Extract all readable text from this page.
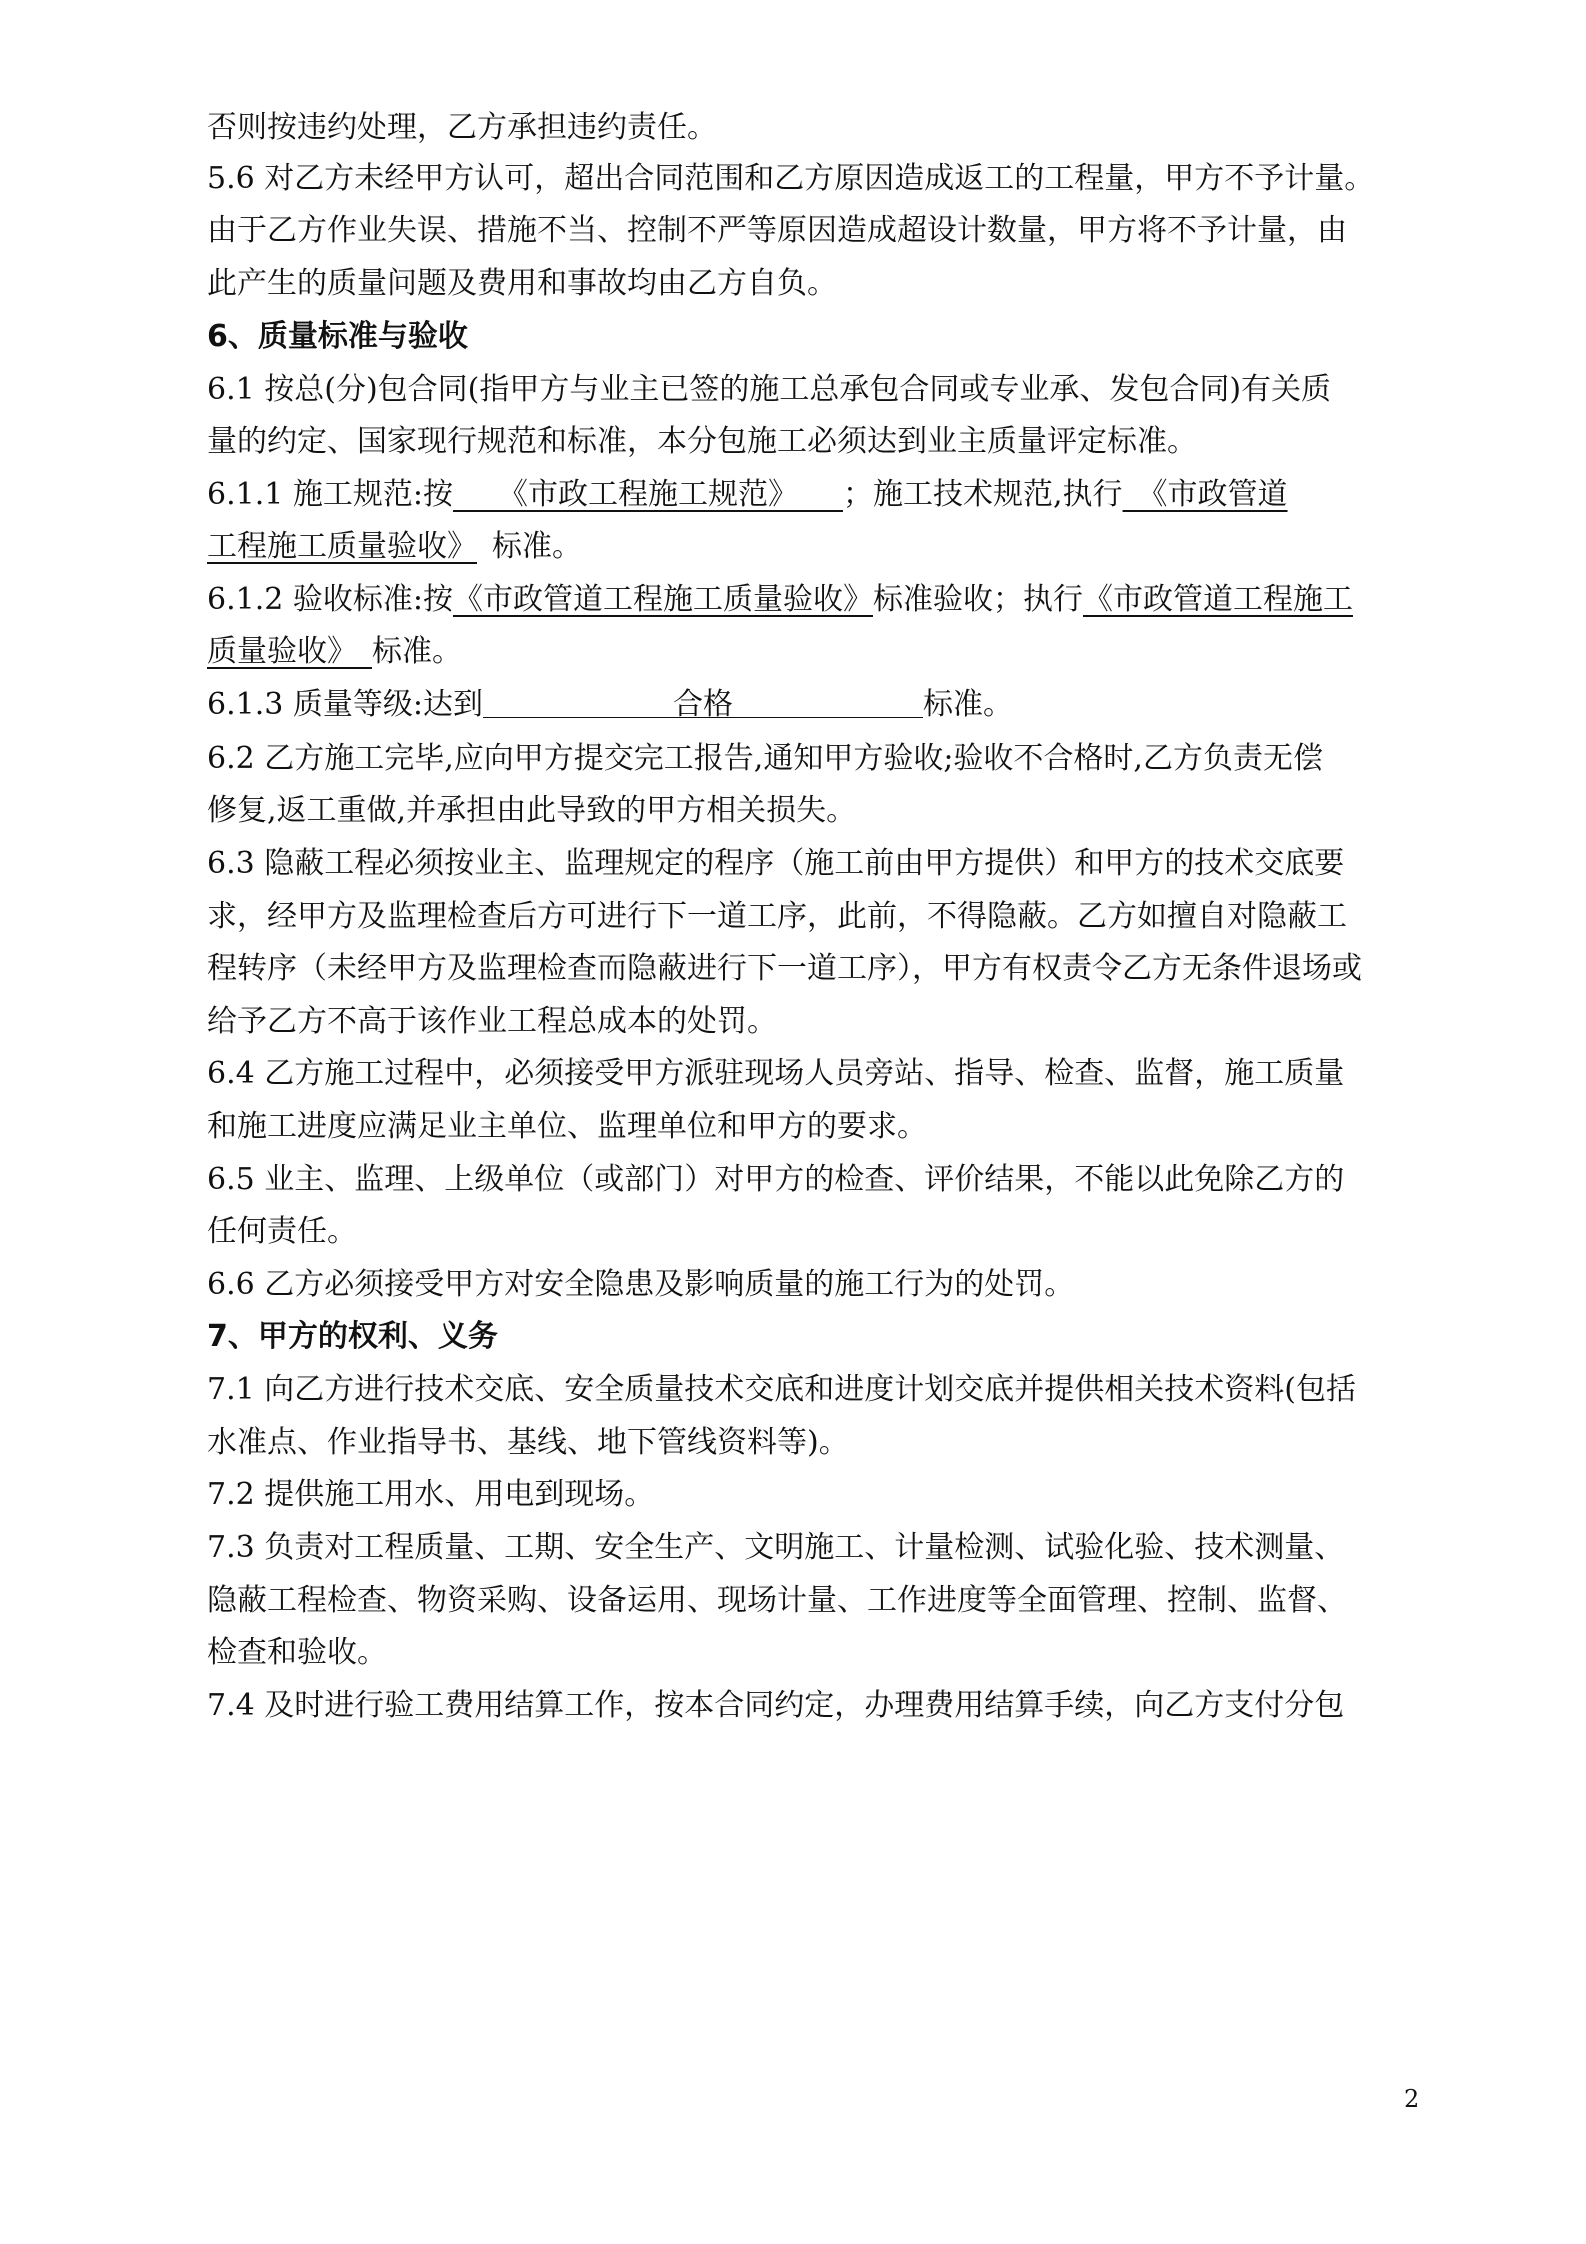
否则按违约处理，乙方承担违约责任。
5.6 对乙方未经甲方认可，超出合同范围和乙方原因造成返工的工程量，甲方不予计量。
由于乙方作业失误、措施不当、控制不严等原因造成超设计数量，甲方将不予计量，由
此产生的质量问题及费用和事故均由乙方自负。
6、质量标准与验收
6.1 按总(分)包合同(指甲方与业主已签的施工总承包合同或专业承、发包合同)有关质
量的约定、国家现行规范和标准，本分包施工必须达到业主质量评定标准。
6.1.1 施工规范:按   《市政工程施工规范》   ；施工技术规范,执行  《市政管道
工程施工质量验收》  标准。
6.1.2 验收标准:按《市政管道工程施工质量验收》标准验收；执行《市政管道工程施工
质量验收》  标准。
6.1.3 质量等级:达到	合格	标准。
6.2 乙方施工完毕,应向甲方提交完工报告,通知甲方验收;验收不合格时,乙方负责无偿
修复,返工重做,并承担由此导致的甲方相关损失。
6.3 隐蔽工程必须按业主、监理规定的程序（施工前由甲方提供）和甲方的技术交底要
求，经甲方及监理检查后方可进行下一道工序，此前，不得隐蔽。乙方如擅自对隐蔽工
程转序（未经甲方及监理检查而隐蔽进行下一道工序），甲方有权责令乙方无条件退场或
给予乙方不高于该作业工程总成本的处罚。
6.4 乙方施工过程中，必须接受甲方派驻现场人员旁站、指导、检查、监督，施工质量
和施工进度应满足业主单位、监理单位和甲方的要求。
6.5 业主、监理、上级单位（或部门）对甲方的检查、评价结果，不能以此免除乙方的
任何责任。
6.6 乙方必须接受甲方对安全隐患及影响质量的施工行为的处罚。
7、甲方的权利、义务
7.1 向乙方进行技术交底、安全质量技术交底和进度计划交底并提供相关技术资料(包括
水准点、作业指导书、基线、地下管线资料等)。
7.2 提供施工用水、用电到现场。
7.3 负责对工程质量、工期、安全生产、文明施工、计量检测、试验化验、技术测量、
隐蔽工程检查、物资采购、设备运用、现场计量、工作进度等全面管理、控制、监督、
检查和验收。
7.4 及时进行验工费用结算工作，按本合同约定，办理费用结算手续，向乙方支付分包
2
